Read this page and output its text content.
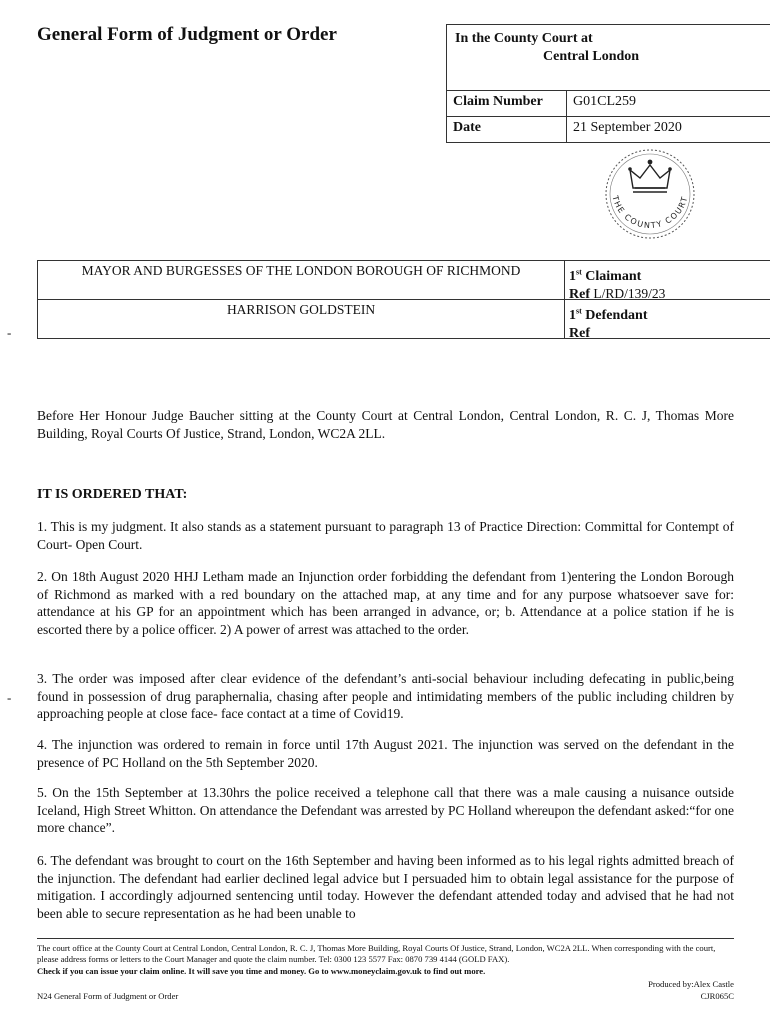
General Form of Judgment or Order	In the County Court at
Central London
Claim Number	G01CL259
Date	21 September 2020
THE COUNTY COURT
MAYOR AND BURGESSES OF THE LONDON BOROUGH OF RICHMOND	1st Claimant
Ref L/RD/139/23
HARRISON GOLDSTEIN	1st Defendant
Ref
-
-
Before Her Honour Judge Baucher sitting at the County Court at Central London, Central London, R. C. J, Thomas More Building, Royal Courts Of Justice, Strand, London, WC2A 2LL.
IT IS ORDERED THAT:
1. This is my judgment. It also stands as a statement pursuant to paragraph 13 of Practice Direction: Committal for Contempt of Court- Open Court.
2. On 18th August 2020 HHJ Letham made an Injunction order forbidding the defendant from 1)entering the London Borough of Richmond as marked with a red boundary on the attached map, at any time and for any purpose whatsoever save for: attendance at his GP for an appointment which has been arranged in advance, or; b. Attendance at a police station if he is escorted there by a police officer. 2) A power of arrest was attached to the order.
3. The order was imposed after clear evidence of the defendant’s anti-social behaviour including defecating in public,being found in possession of drug paraphernalia, chasing after people and intimidating members of the public including children by approaching people at close face- face contact at a time of Covid19.
4. The injunction was ordered to remain in force until 17th August 2021. The injunction was served on the defendant in the presence of PC Holland on the 5th September 2020.
5. On the 15th September at 13.30hrs the police received a telephone call that there was a male causing a nuisance outside Iceland, High Street Whitton. On attendance the Defendant was arrested by PC Holland whereupon the defendant asked:“for one more chance”.
6. The defendant was brought to court on the 16th September and having been informed as to his legal rights admitted breach of the injunction. The defendant had earlier declined legal advice but I persuaded him to obtain legal assistance for the purpose of mitigation. I accordingly adjourned sentencing until today. However the defendant attended today and advised that he had not been able to secure representation as he had been unable to
The court office at the County Court at Central London, Central London, R. C. J, Thomas More Building, Royal Courts Of Justice, Strand, London, WC2A 2LL. When corresponding with the court, please address forms or letters to the Court Manager and quote the claim number. Tel: 0300 123 5577 Fax: 0870 739 4144 (GOLD FAX).
Check if you can issue your claim online. It will save you time and money. Go to www.moneyclaim.gov.uk to find out more.
Produced by:Alex Castle
N24 General Form of Judgment or Order	CJR065C
